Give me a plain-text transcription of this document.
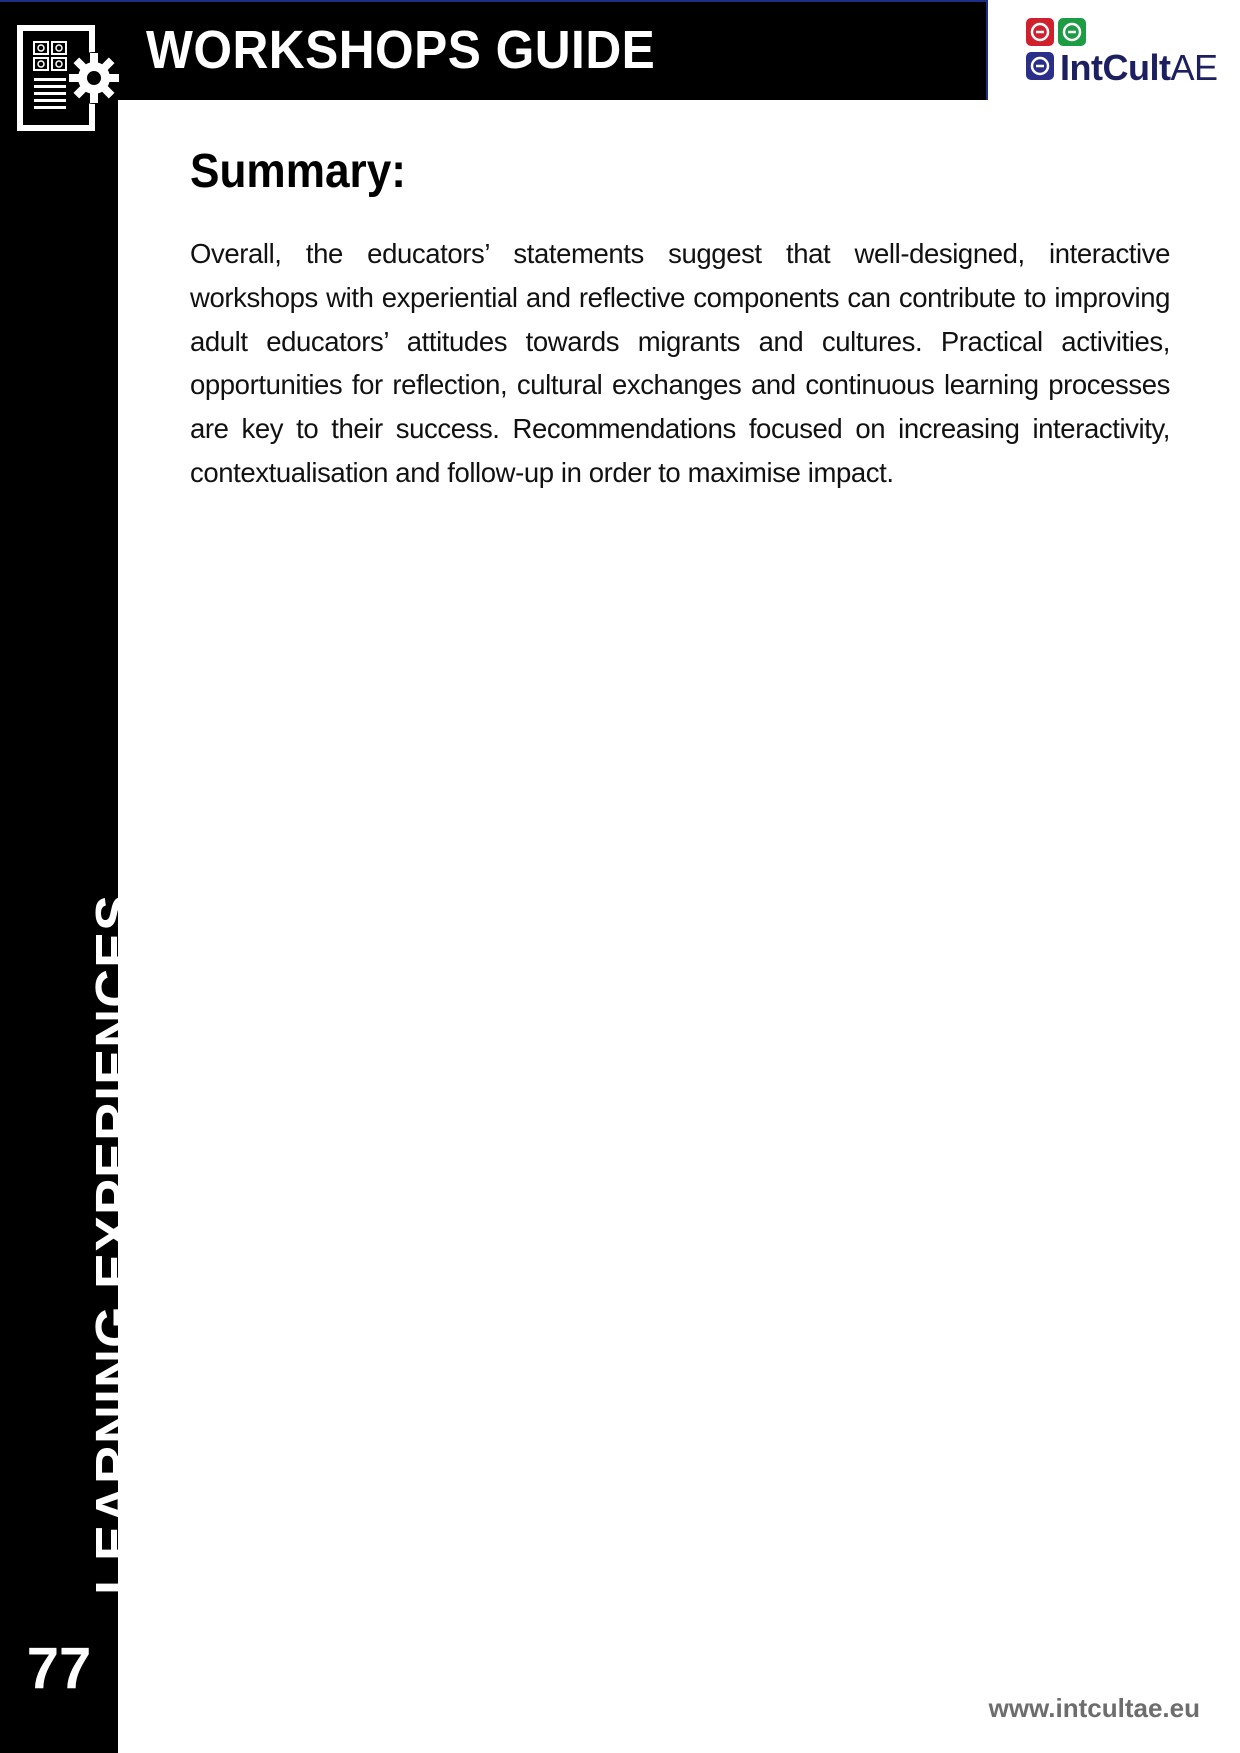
WORKSHOPS GUIDE	IntCultAE
Summary:

Overall, the educators’ statements suggest that well-designed, interactive workshops with experiential and reflective components can contribute to improving adult educators’ attitudes towards migrants and cultures. Practical activities, opportunities for reflection, cultural exchanges and continuous learning processes are key to their success. Recommendations focused on increasing interactivity, contextualisation and follow-up in order to maximise impact.

LEARNING EXPERIENCES
77
www.intcultae.eu
